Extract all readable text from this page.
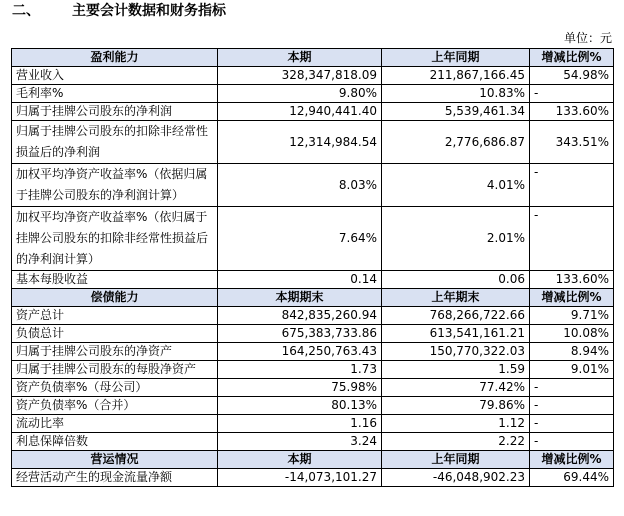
二、 主要会计数据和财务指标
单位：元
盈利能力	本期	上年同期	增减比例%
营业收入	328,347,818.09	211,867,166.45	54.98%
毛利率%	9.80%	10.83%	-
归属于挂牌公司股东的净利润	12,940,441.40	5,539,461.34	133.60%
归属于挂牌公司股东的扣除非经常性损益后的净利润	12,314,984.54	2,776,686.87	343.51%
加权平均净资产收益率%（依据归属于挂牌公司股东的净利润计算）	8.03%	4.01%	-
加权平均净资产收益率%（依归属于挂牌公司股东的扣除非经常性损益后的净利润计算）	7.64%	2.01%	-
基本每股收益	0.14	0.06	133.60%
偿债能力	本期期末	上年期末	增减比例%
资产总计	842,835,260.94	768,266,722.66	9.71%
负债总计	675,383,733.86	613,541,161.21	10.08%
归属于挂牌公司股东的净资产	164,250,763.43	150,770,322.03	8.94%
归属于挂牌公司股东的每股净资产	1.73	1.59	9.01%
资产负债率%（母公司）	75.98%	77.42%	-
资产负债率%（合并）	80.13%	79.86%	-
流动比率	1.16	1.12	-
利息保障倍数	3.24	2.22	-
营运情况	本期	上年同期	增减比例%
经营活动产生的现金流量净额	-14,073,101.27	-46,048,902.23	69.44%
